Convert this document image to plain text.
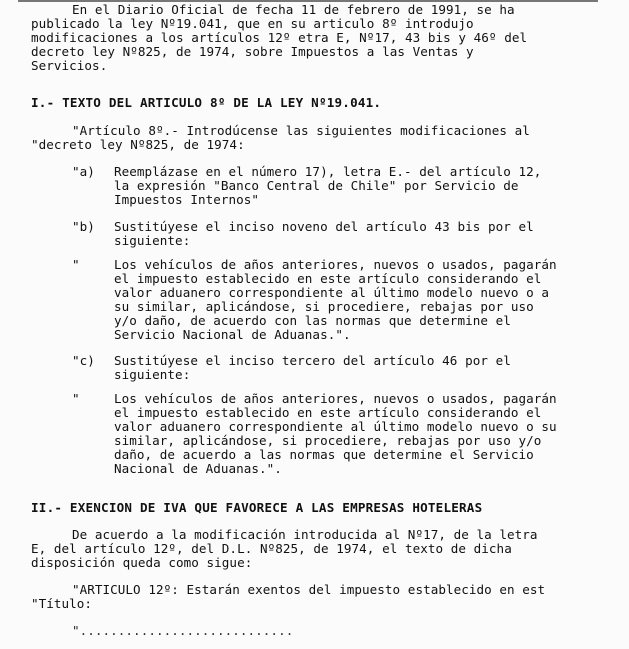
En el Diario Oficial de fecha 11 de febrero de 1991, se ha
publicado la ley Nº19.041, que en su articulo 8º introdujo
modificaciones a los artículos 12º etra E, Nº17, 43 bis y 46º del
decreto ley Nº825, de 1974, sobre Impuestos a las Ventas y
Servicios.
I.- TEXTO DEL ARTICULO 8º DE LA LEY Nº19.041.
"Artículo 8º.- Introdúcense las siguientes modificaciones al
"decreto ley Nº825, de 1974:
"a) Reemplázase en el número 17), letra E.- del artículo 12,
la expresión "Banco Central de Chile" por Servicio de
Impuestos Internos"
"b) Sustitúyese el inciso noveno del artículo 43 bis por el
siguiente:
"	Los vehículos de años anteriores, nuevos o usados, pagarán
el impuesto establecido en este artículo considerando el
valor aduanero correspondiente al último modelo nuevo o a
su similar, aplicándose, si procediere, rebajas por uso
y/o daño, de acuerdo con las normas que determine el
Servicio Nacional de Aduanas.".
"c) Sustitúyese el inciso tercero del artículo 46 por el
siguiente:
"	Los vehículos de años anteriores, nuevos o usados, pagarán
el impuesto establecido en este artículo considerando el
valor aduanero correspondiente al último modelo nuevo o su
similar, aplicándose, si procediere, rebajas por uso y/o
daño, de acuerdo a las normas que determine el Servicio
Nacional de Aduanas.".
II.- EXENCION DE IVA QUE FAVORECE A LAS EMPRESAS HOTELERAS
De acuerdo a la modificación introducida al Nº17, de la letra
E, del artículo 12º, del D.L. Nº825, de 1974, el texto de dicha
disposición queda como sigue:
"ARTICULO 12º: Estarán exentos del impuesto establecido en est
"Título:
"............................
